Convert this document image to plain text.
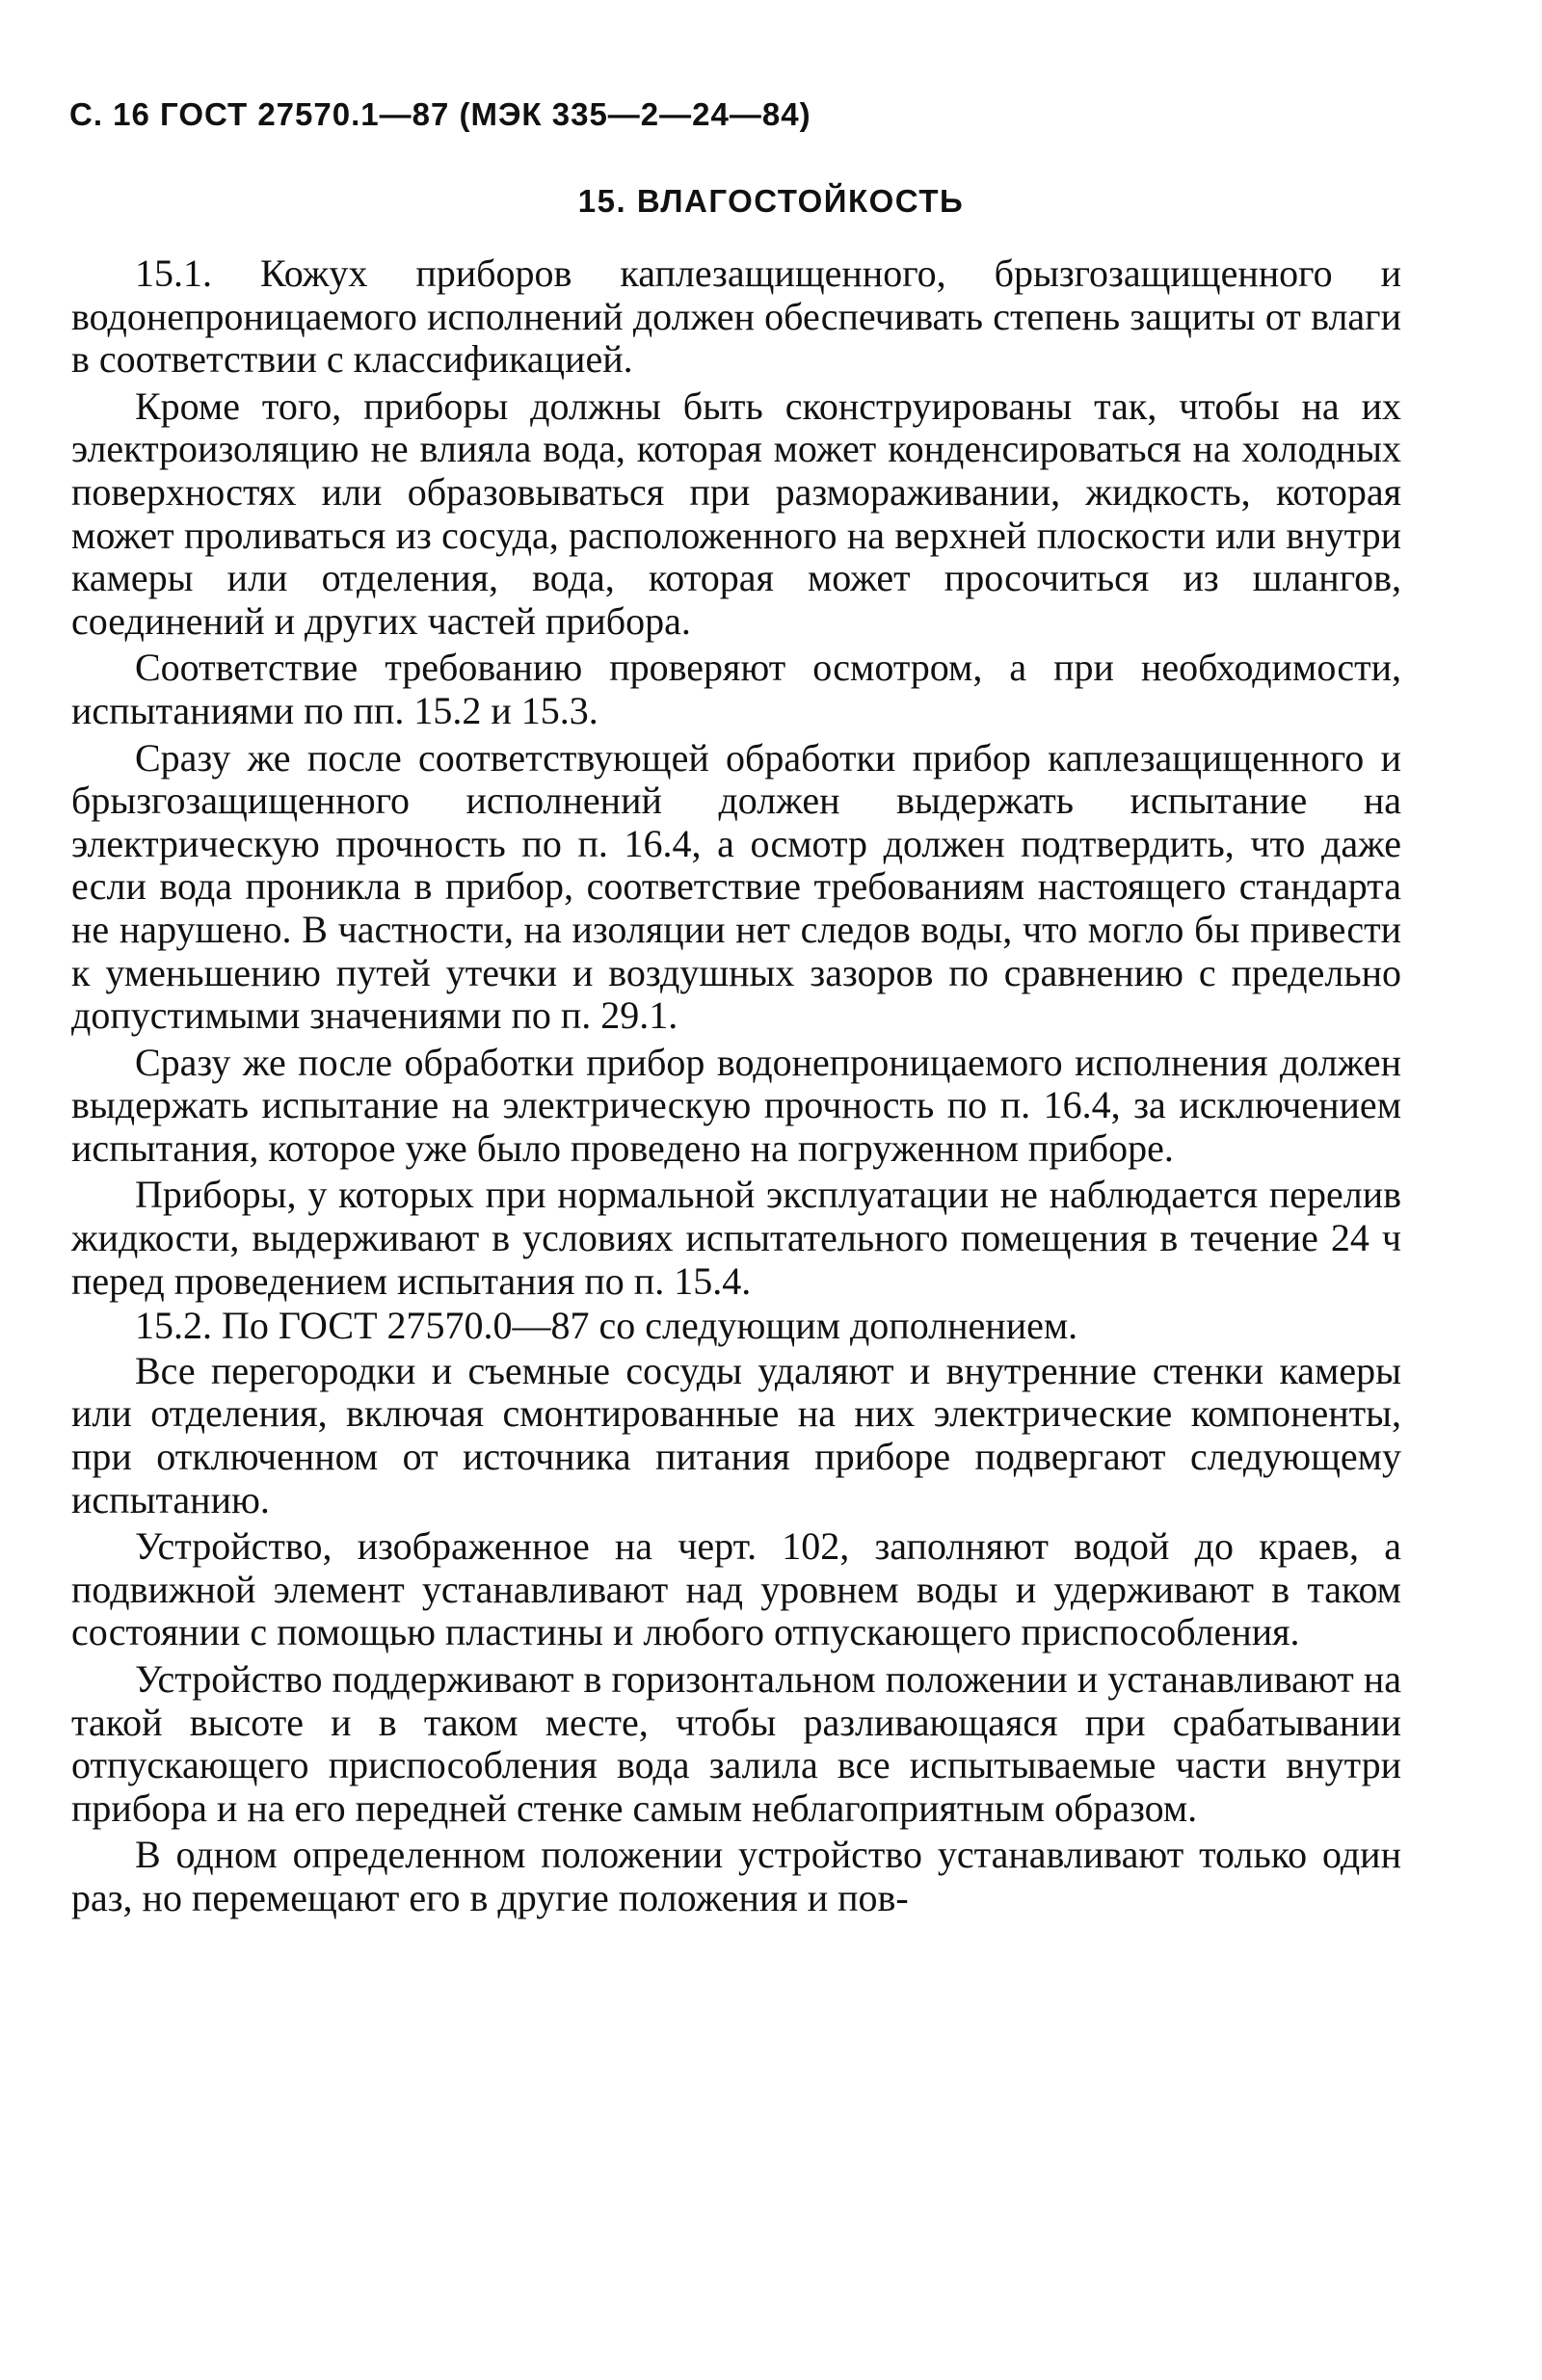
С. 16 ГОСТ 27570.1—87 (МЭК 335—2—24—84)
15. ВЛАГОСТОЙКОСТЬ

15.1. Кожух приборов каплезащищенного, брызгозащищенного и водонепроницаемого исполнений должен обеспечивать степень защиты от влаги в соответствии с классификацией.

Кроме того, приборы должны быть сконструированы так, чтобы на их электроизоляцию не влияла вода, которая может конденсироваться на холодных поверхностях или образовываться при размораживании, жидкость, которая может проливаться из сосуда, расположенного на верхней плоскости или внутри камеры или отделения, вода, которая может просочиться из шлангов, соединений и других частей прибора.

Соответствие требованию проверяют осмотром, а при необходимости, испытаниями по пп. 15.2 и 15.3.

Сразу же после соответствующей обработки прибор каплезащищенного и брызгозащищенного исполнений должен выдержать испытание на электрическую прочность по п. 16.4, а осмотр должен подтвердить, что даже если вода проникла в прибор, соответствие требованиям настоящего стандарта не нарушено. В частности, на изоляции нет следов воды, что могло бы привести к уменьшению путей утечки и воздушных зазоров по сравнению с предельно допустимыми значениями по п. 29.1.

Сразу же после обработки прибор водонепроницаемого исполнения должен выдержать испытание на электрическую прочность по п. 16.4, за исключением испытания, которое уже было проведено на погруженном приборе.

Приборы, у которых при нормальной эксплуатации не наблюдается перелив жидкости, выдерживают в условиях испытательного помещения в течение 24 ч перед проведением испытания по п. 15.4.

15.2. По ГОСТ 27570.0—87 со следующим дополнением.

Все перегородки и съемные сосуды удаляют и внутренние стенки камеры или отделения, включая смонтированные на них электрические компоненты, при отключенном от источника питания приборе подвергают следующему испытанию.

Устройство, изображенное на черт. 102, заполняют водой до краев, а подвижной элемент устанавливают над уровнем воды и удерживают в таком состоянии с помощью пластины и любого отпускающего приспособления.

Устройство поддерживают в горизонтальном положении и устанавливают на такой высоте и в таком месте, чтобы разливающаяся при срабатывании отпускающего приспособления вода залила все испытываемые части внутри прибора и на его передней стенке самым неблагоприятным образом.

В одном определенном положении устройство устанавливают только один раз, но перемещают его в другие положения и пов-
